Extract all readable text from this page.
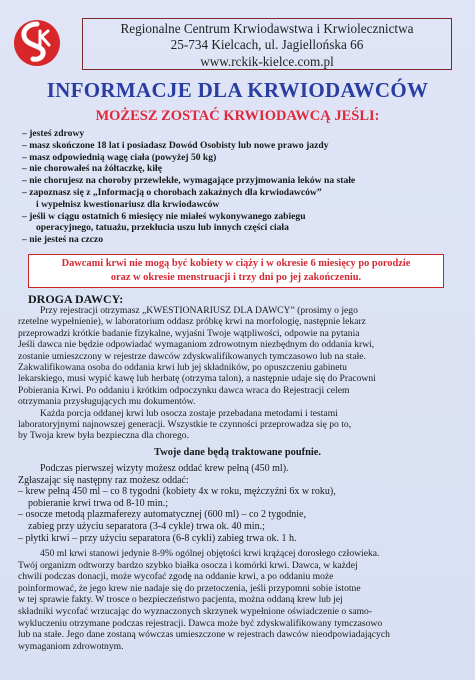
Regionalne Centrum Krwiodawstwa i Krwiolecznictwa
25-734 Kielcach, ul. Jagiellońska 66
www.rckik-kielce.com.pl
INFORMACJE DLA KRWIODAWCÓW
MOŻESZ ZOSTAĆ KRWIODAWCĄ JEŚLI:
– jesteś zdrowy
– masz skończone 18 lat i posiadasz Dowód Osobisty lub nowe prawo jazdy
– masz odpowiednią wagę ciała (powyżej 50 kg)
– nie chorowałeś na żółtaczkę, kiłę
– nie chorujesz na choroby przewlekłe, wymagające przyjmowania leków na stałe
– zapoznasz się z „Informacją o chorobach zakaźnych dla krwiodawców”
i wypełnisz kwestionariusz dla krwiodawców
– jeśli w ciągu ostatnich 6 miesięcy nie miałeś wykonywanego zabiegu
operacyjnego, tatuażu, przekłucia uszu lub innych części ciała
– nie jesteś na czczo
Dawcami krwi nie mogą być kobiety w ciąży i w okresie 6 miesięcy po porodzie
oraz w okresie menstruacji i trzy dni po jej zakończeniu.
DROGA DAWCY:
Przy rejestracji otrzymasz „KWESTIONARIUSZ DLA DAWCY” (prosimy o jego
rzetelne wypełnienie), w laboratorium oddasz próbkę krwi na morfologię, następnie lekarz
przeprowadzi krótkie badanie fizykalne, wyjaśni Twoje wątpliwości, odpowie na pytania
Jeśli dawca nie będzie odpowiadać wymaganiom zdrowotnym niezbędnym do oddania krwi,
zostanie umieszczony w rejestrze dawców zdyskwalifikowanych tymczasowo lub na stałe.
Zakwalifikowana osoba do oddania krwi lub jej składników, po opuszczeniu gabinetu
lekarskiego, musi wypić kawę lub herbatę (otrzyma talon), a następnie udaje się do Pracowni
Pobierania Krwi. Po oddaniu i krótkim odpoczynku dawca wraca do Rejestracji celem
otrzymania przysługujących mu dokumentów.
Każda porcja oddanej krwi lub osocza zostaje przebadana metodami i testami
laboratoryjnymi najnowszej generacji. Wszystkie te czynności przeprowadza się po to,
by Twoja krew była bezpieczna dla chorego.
Twoje dane będą traktowane poufnie.
Podczas pierwszej wizyty możesz oddać krew pełną (450 ml).
Zgłaszając się następny raz możesz oddać:
– krew pełną 450 ml – co 8 tygodni (kobiety 4x w roku, mężczyźni 6x w roku),
pobieranie krwi trwa od 8-10 min.;
– osocze metodą plazmaferezy automatycznej (600 ml) – co 2 tygodnie,
zabieg przy użyciu separatora (3-4 cykle) trwa ok. 40 min.;
– płytki krwi – przy użyciu separatora (6-8 cykli) zabieg trwa ok. 1 h.
450 ml krwi stanowi jedynie 8-9% ogólnej objętości krwi krążącej dorosłego człowieka.
Twój organizm odtworzy bardzo szybko białka osocza i komórki krwi. Dawca, w każdej
chwili podczas donacji, może wycofać zgodę na oddanie krwi, a po oddaniu może
poinformować, że jego krew nie nadaje się do przetoczenia, jeśli przypomni sobie istotne
w tej sprawie fakty. W trosce o bezpieczeństwo pacjenta, można oddaną krew lub jej
składniki wycofać wrzucając do wyznaczonych skrzynek wypełnione oświadczenie o samo-
wykluczeniu otrzymane podczas rejestracji. Dawca może być zdyskwalifikowany tymczasowo
lub na stałe. Jego dane zostaną wówczas umieszczone w rejestrach dawców nieodpowiadających
wymaganiom zdrowotnym.
